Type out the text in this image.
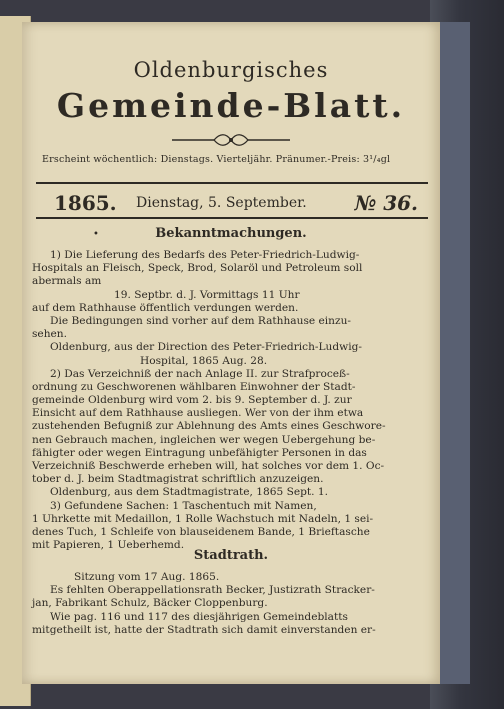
Oldenburgisches
Gemeinde-Blatt.
Erscheint wöchentlich: Dienstags. Vierteljähr. Pränumer.-Preis: 3¹/₄gl
1865. Dienstag, 5. September. № 36.
•	Bekanntmachungen.
1) Die Lieferung des Bedarfs des Peter-Friedrich-Ludwig-
Hospitals an Fleisch, Speck, Brod, Solaröl und Petroleum soll
abermals am
19. Septbr. d. J. Vormittags 11 Uhr
auf dem Rathhause öffentlich verdungen werden.
Die Bedingungen sind vorher auf dem Rathhause einzu-
sehen.
Oldenburg, aus der Direction des Peter-Friedrich-Ludwig-
Hospital, 1865 Aug. 28.
2) Das Verzeichniß der nach Anlage II. zur Strafproceß-
ordnung zu Geschworenen wählbaren Einwohner der Stadt-
gemeinde Oldenburg wird vom 2. bis 9. September d. J. zur
Einsicht auf dem Rathhause ausliegen. Wer von der ihm etwa
zustehenden Befugniß zur Ablehnung des Amts eines Geschwore-
nen Gebrauch machen, ingleichen wer wegen Uebergehung be-
fähigter oder wegen Eintragung unbefähigter Personen in das
Verzeichniß Beschwerde erheben will, hat solches vor dem 1. Oc-
tober d. J. beim Stadtmagistrat schriftlich anzuzeigen.
Oldenburg, aus dem Stadtmagistrate, 1865 Sept. 1.
3) Gefundene Sachen: 1 Taschentuch mit Namen,
1 Uhrkette mit Medaillon, 1 Rolle Wachstuch mit Nadeln, 1 sei-
denes Tuch, 1 Schleife von blauseidenem Bande, 1 Brieftasche
mit Papieren, 1 Ueberhemd.
Stadtrath.
Sitzung vom 17 Aug. 1865.
Es fehlten Oberappellationsrath Becker, Justizrath Stracker-
jan, Fabrikant Schulz, Bäcker Cloppenburg.
Wie pag. 116 und 117 des diesjährigen Gemeindeblatts
mitgetheilt ist, hatte der Stadtrath sich damit einverstanden er-
